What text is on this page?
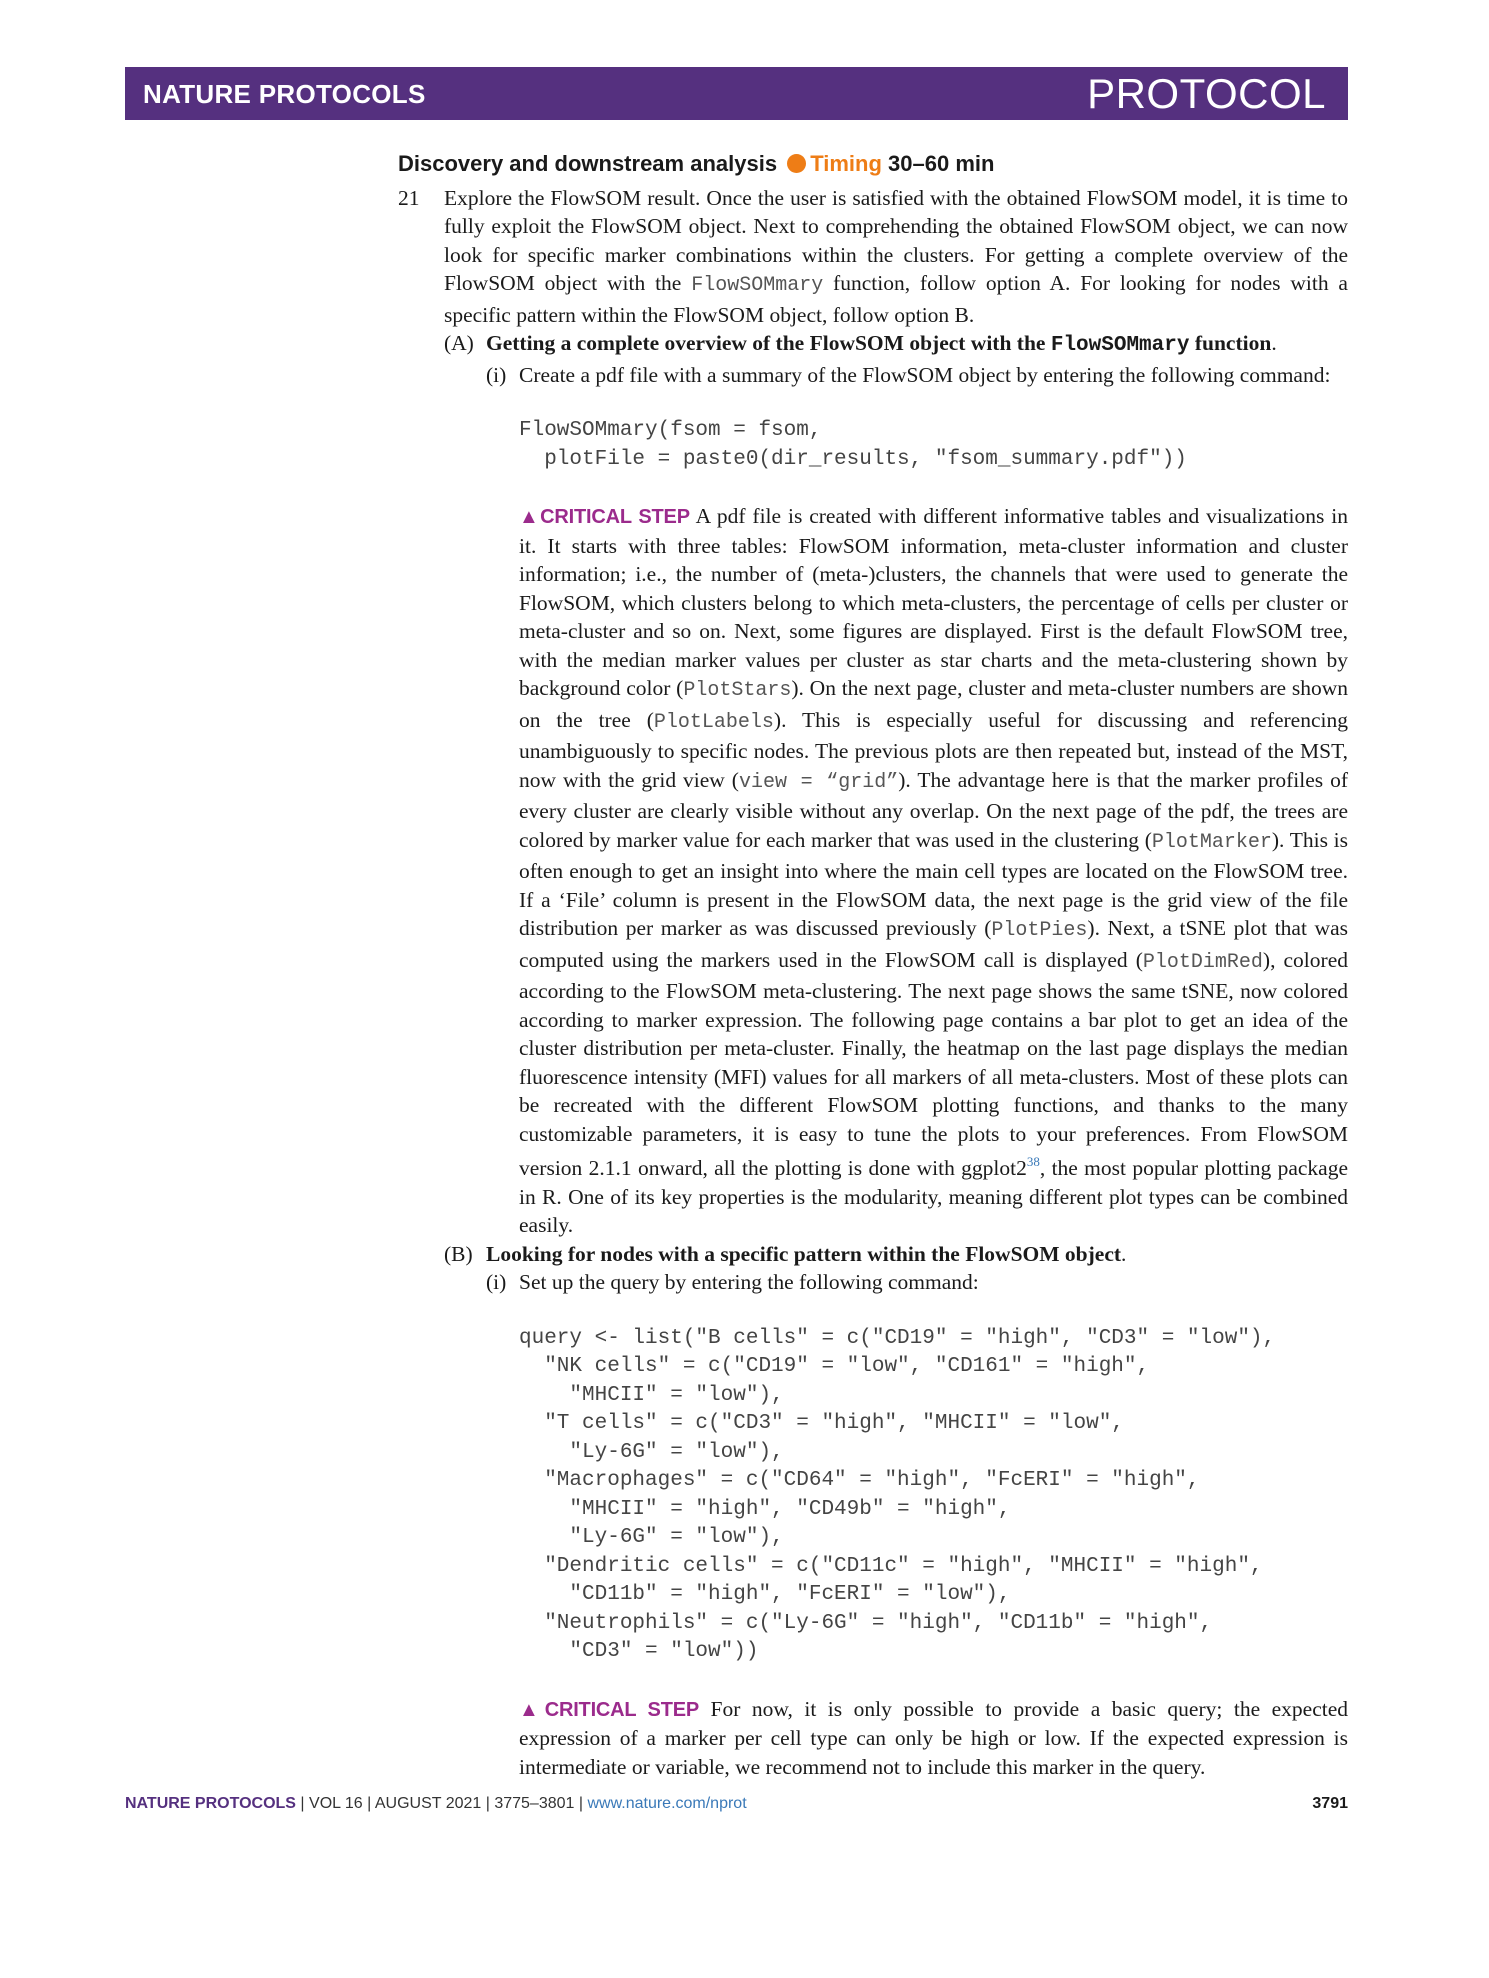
NATURE PROTOCOLS	PROTOCOL
Discovery and downstream analysis Timing 30–60 min
21 Explore the FlowSOM result. Once the user is satisfied with the obtained FlowSOM model, it is time to fully exploit the FlowSOM object. Next to comprehending the obtained FlowSOM object, we can now look for specific marker combinations within the clusters. For getting a complete overview of the FlowSOM object with the FlowSOMmary function, follow option A. For looking for nodes with a specific pattern within the FlowSOM object, follow option B.

(A) Getting a complete overview of the FlowSOM object with the FlowSOMmary function.

(i) Create a pdf file with a summary of the FlowSOM object by entering the following command:

FlowSOMmary(fsom = fsom,
plotFile = paste0(dir_results, "fsom_summary.pdf"))

▲CRITICAL STEP A pdf file is created with different informative tables and visualizations in it. It starts with three tables: FlowSOM information, meta-cluster information and cluster information; i.e., the number of (meta-)clusters, the channels that were used to generate the FlowSOM, which clusters belong to which meta-clusters, the percentage of cells per cluster or meta-cluster and so on. Next, some figures are displayed. First is the default FlowSOM tree, with the median marker values per cluster as star charts and the meta-clustering shown by background color (PlotStars). On the next page, cluster and meta-cluster numbers are shown on the tree (PlotLabels). This is especially useful for discussing and referencing unambiguously to specific nodes. The previous plots are then repeated but, instead of the MST, now with the grid view (view = “grid”). The advantage here is that the marker profiles of every cluster are clearly visible without any overlap. On the next page of the pdf, the trees are colored by marker value for each marker that was used in the clustering (PlotMarker). This is often enough to get an insight into where the main cell types are located on the FlowSOM tree. If a ‘File’ column is present in the FlowSOM data, the next page is the grid view of the file distribution per marker as was discussed previously (PlotPies). Next, a tSNE plot that was computed using the markers used in the FlowSOM call is displayed (PlotDimRed), colored according to the FlowSOM meta-clustering. The next page shows the same tSNE, now colored according to marker expression. The following page contains a bar plot to get an idea of the cluster distribution per meta-cluster. Finally, the heatmap on the last page displays the median fluorescence intensity (MFI) values for all markers of all meta-clusters. Most of these plots can be recreated with the different FlowSOM plotting functions, and thanks to the many customizable parameters, it is easy to tune the plots to your preferences. From FlowSOM version 2.1.1 onward, all the plotting is done with ggplot2$^{38}$, the most popular plotting package in R. One of its key properties is the modularity, meaning different plot types can be combined easily.

(B) Looking for nodes with a specific pattern within the FlowSOM object.

(i) Set up the query by entering the following command:

query <- list("B cells" = c("CD19" = "high", "CD3" = "low"),
"NK cells" = c("CD19" = "low", "CD161" = "high",
"MHCII" = "low"),
"T cells" = c("CD3" = "high", "MHCII" = "low",
"Ly-6G" = "low"),
"Macrophages" = c("CD64" = "high", "FcERI" = "high",
"MHCII" = "high", "CD49b" = "high",
"Ly-6G" = "low"),
"Dendritic cells" = c("CD11c" = "high", "MHCII" = "high",
"CD11b" = "high", "FcERI" = "low"),
"Neutrophils" = c("Ly-6G" = "high", "CD11b" = "high",
"CD3" = "low"))

▲CRITICAL STEP For now, it is only possible to provide a basic query; the expected expression of a marker per cell type can only be high or low. If the expected expression is intermediate or variable, we recommend not to include this marker in the query.

NATURE PROTOCOLS | VOL 16 | AUGUST 2021 | 3775–3801 | www.nature.com/nprot	3791
